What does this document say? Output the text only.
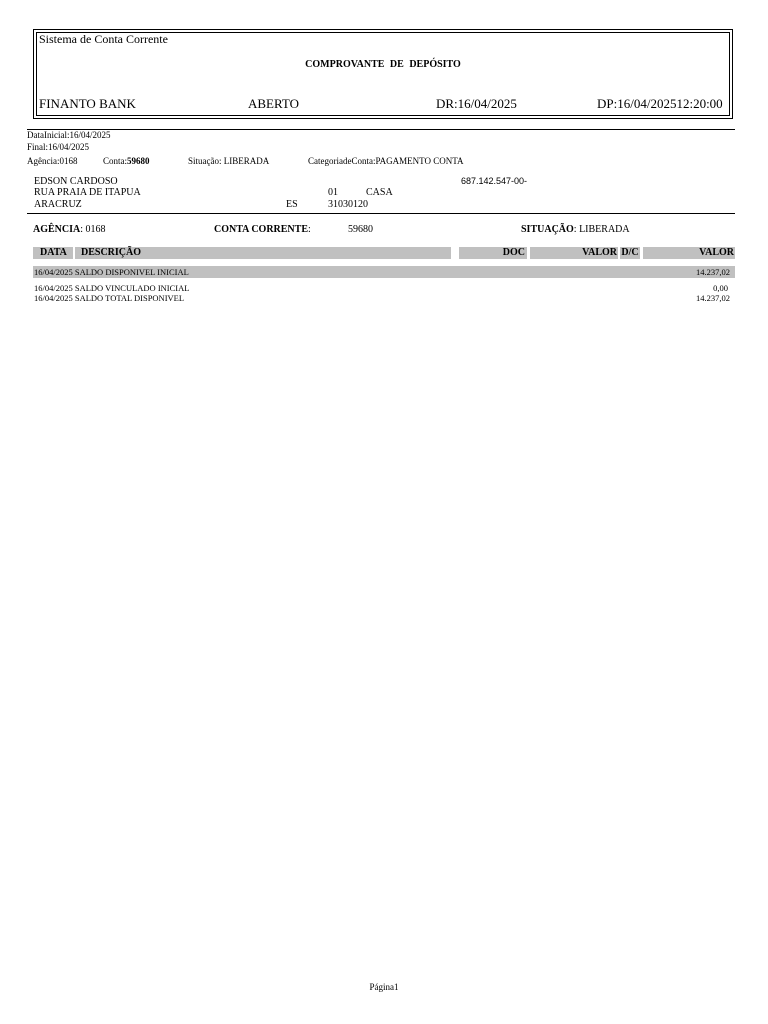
Sistema de Conta Corrente
COMPROVANTE DE DEPÓSITO
FINANTO BANK	ABERTO	DR:16/04/2025	DP:16/04/202512:20:00
DataInicial:16/04/2025
Final:16/04/2025
Agência:0168	Conta:59680	Situação: LIBERADA	CategoriadeConta:PAGAMENTO CONTA
EDSON CARDOSO	687.142.547-00-
RUA PRAIA DE ITAPUA	01	CASA
ARACRUZ	ES	31030120
AGÊNCIA: 0168	CONTA CORRENTE:	59680	SITUAÇÃO: LIBERADA
DATA	DESCRIÇÃO	DOC	VALOR D/C	VALOR
16/04/2025 SALDO DISPONIVEL INICIAL	14.237,02
16/04/2025 SALDO VINCULADO INICIAL	0,00
16/04/2025 SALDO TOTAL DISPONIVEL	14.237,02
Página1
